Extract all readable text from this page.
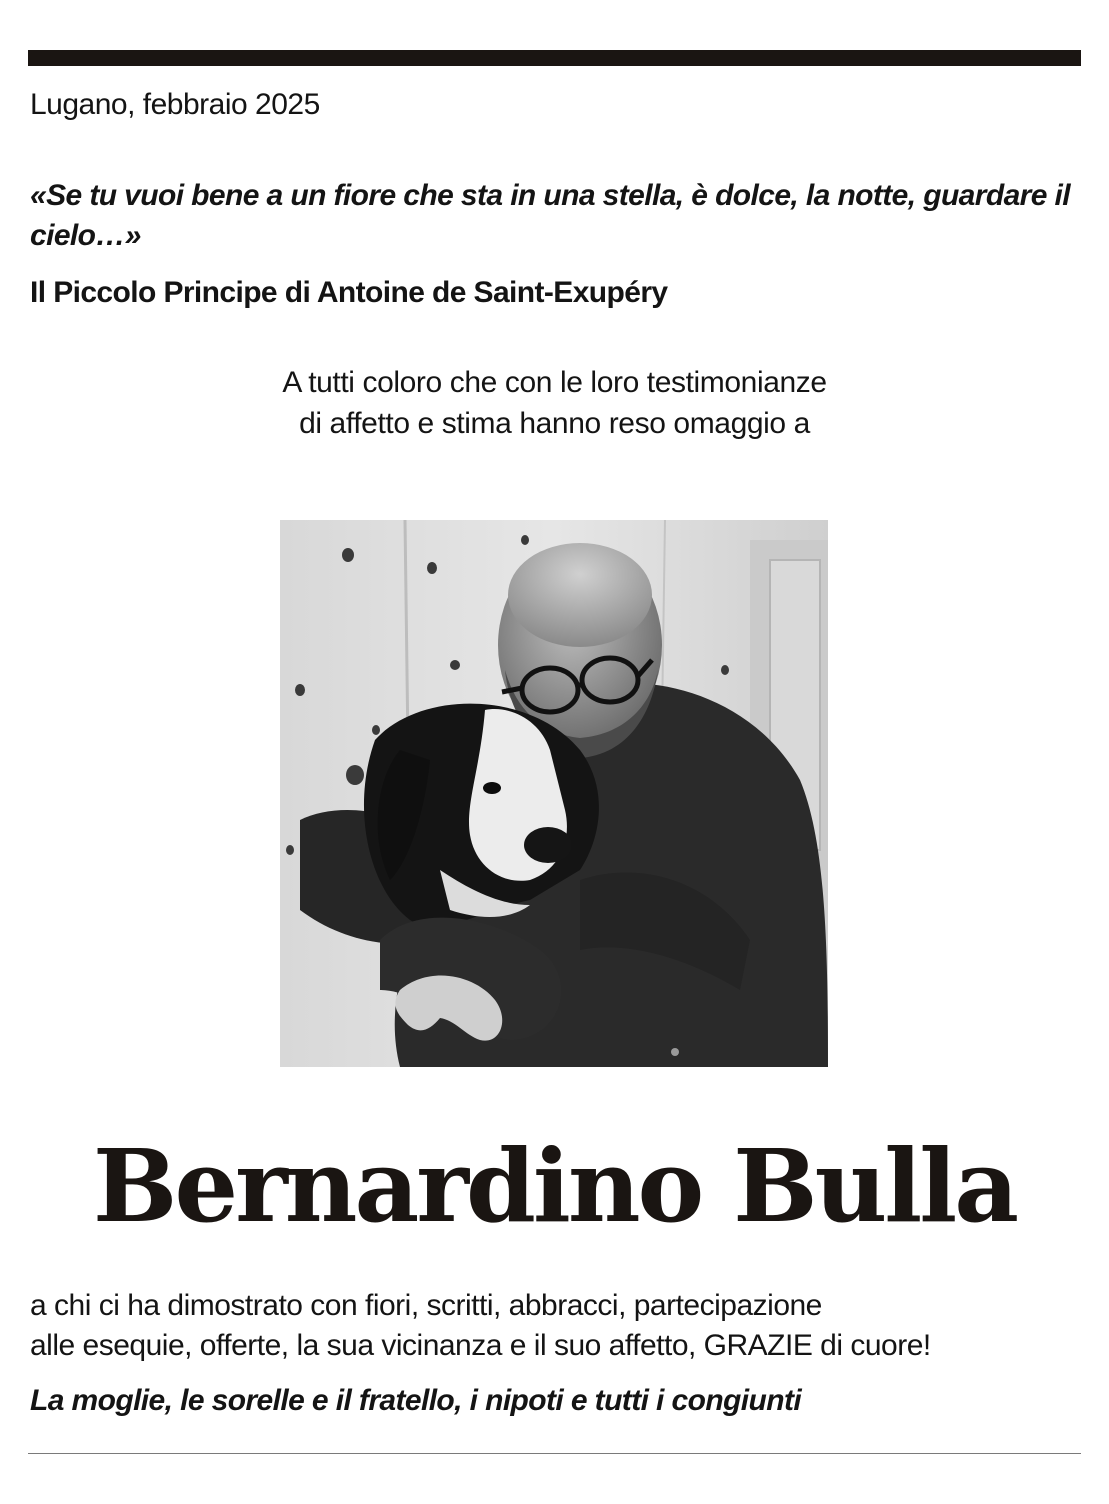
Lugano, febbraio 2025
«Se tu vuoi bene a un fiore che sta in una stella, è dolce, la notte, guardare il cielo…»
Il Piccolo Principe di Antoine de Saint-Exupéry
A tutti coloro che con le loro testimonianze
di affetto e stima hanno reso omaggio a
Bernardino Bulla
a chi ci ha dimostrato con fiori, scritti, abbracci, partecipazione
alle esequie, offerte, la sua vicinanza e il suo affetto, GRAZIE di cuore!
La moglie, le sorelle e il fratello, i nipoti e tutti i congiunti
